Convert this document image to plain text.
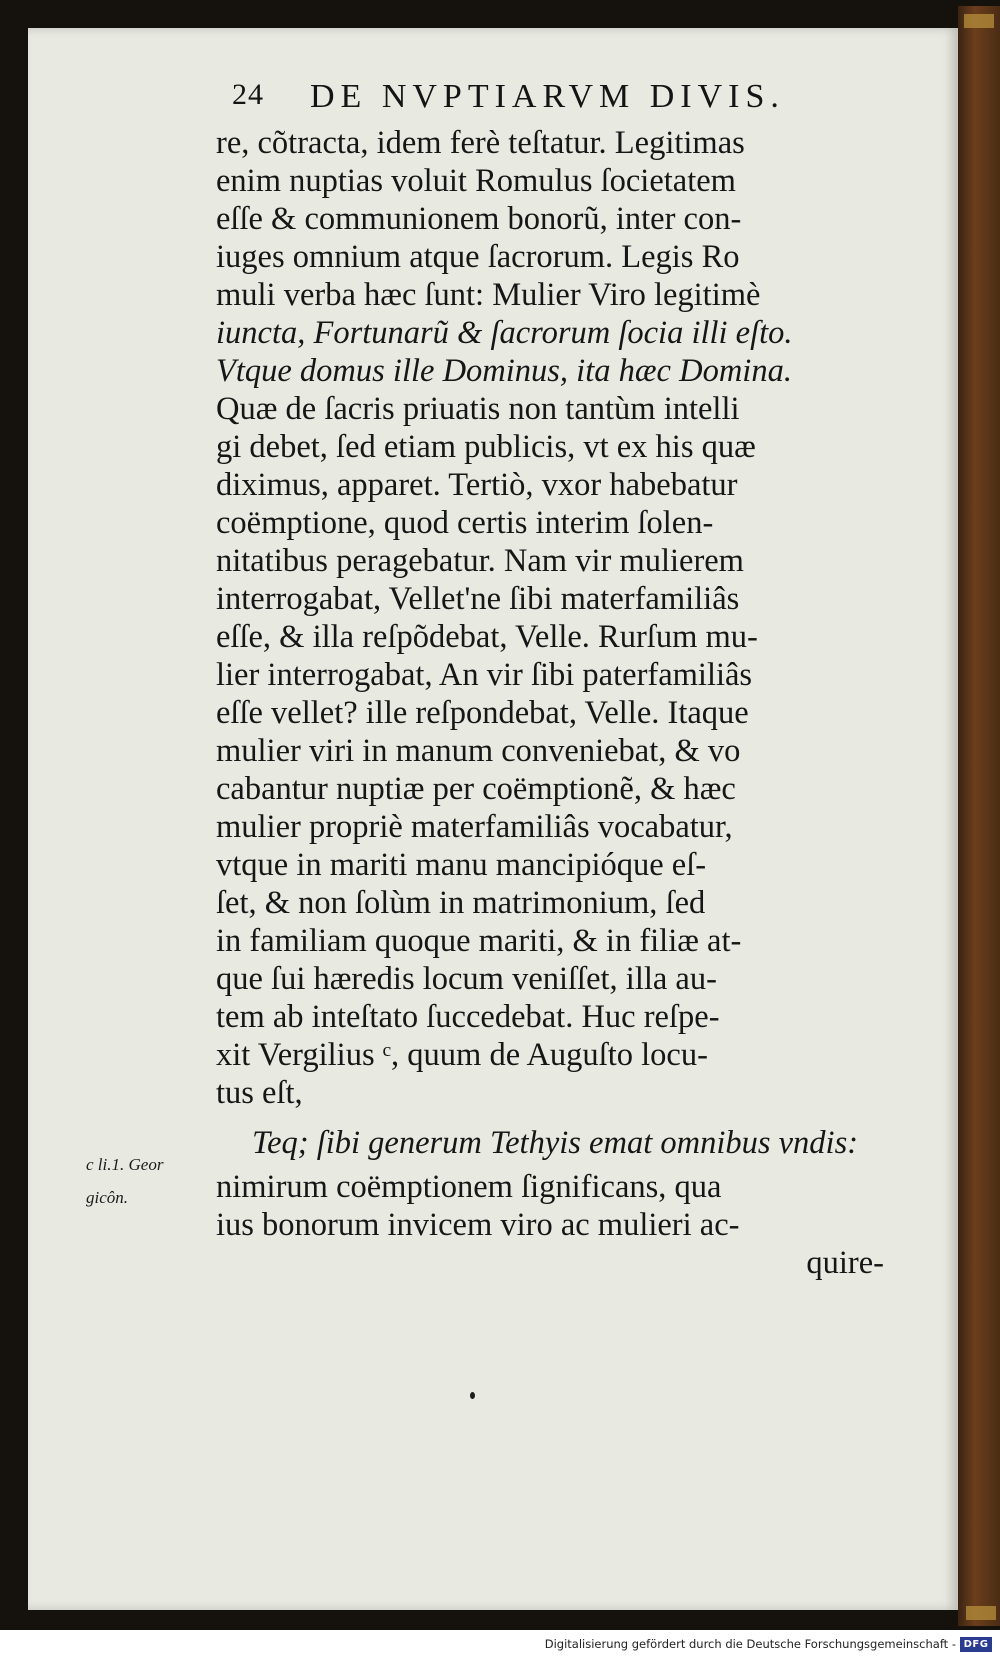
24 DE NVPTIARVM DIVIS.
re, cõtracta, idem ferè teſtatur. Legitimas
enim nuptias voluit Romulus ſocietatem
eſſe & communionem bonorũ, inter con-
iuges omnium atque ſacrorum. Legis Ro
muli verba hæc ſunt: Mulier Viro legitimè
iuncta, Fortunarũ & ſacrorum ſocia illi eſto.
Vtque domus ille Dominus, ita hæc Domina.
Quæ de ſacris priuatis non tantùm intelli
gi debet, ſed etiam publicis, vt ex his quæ
diximus, apparet. Tertiò, vxor habebatur
coëmptione, quod certis interim ſolen-
nitatibus peragebatur. Nam vir mulierem
interrogabat, Vellet'ne ſibi materfamiliâs
eſſe, & illa reſpõdebat, Velle. Rurſum mu-
lier interrogabat, An vir ſibi paterfamiliâs
eſſe vellet? ille reſpondebat, Velle. Itaque
mulier viri in manum conveniebat, & vo
cabantur nuptiæ per coëmptionẽ, & hæc
mulier propriè materfamiliâs vocabatur,
vtque in mariti manu mancipióque eſ-
ſet, & non ſolùm in matrimonium, ſed
in familiam quoque mariti, & in filiæ at-
que ſui hæredis locum veniſſet, illa au-
tem ab inteſtato ſuccedebat. Huc reſpe-
xit Vergilius ᶜ, quum de Auguſto locu-
tus eſt,
Teq; ſibi generum Tethyis emat omnibus vndis:
nimirum coëmptionem ſignificans, qua
ius bonorum invicem viro ac mulieri ac-
quire-
c li.1. Geor
gicôn.
Digitalisierung gefördert durch die Deutsche Forschungsgemeinschaft - DFG
